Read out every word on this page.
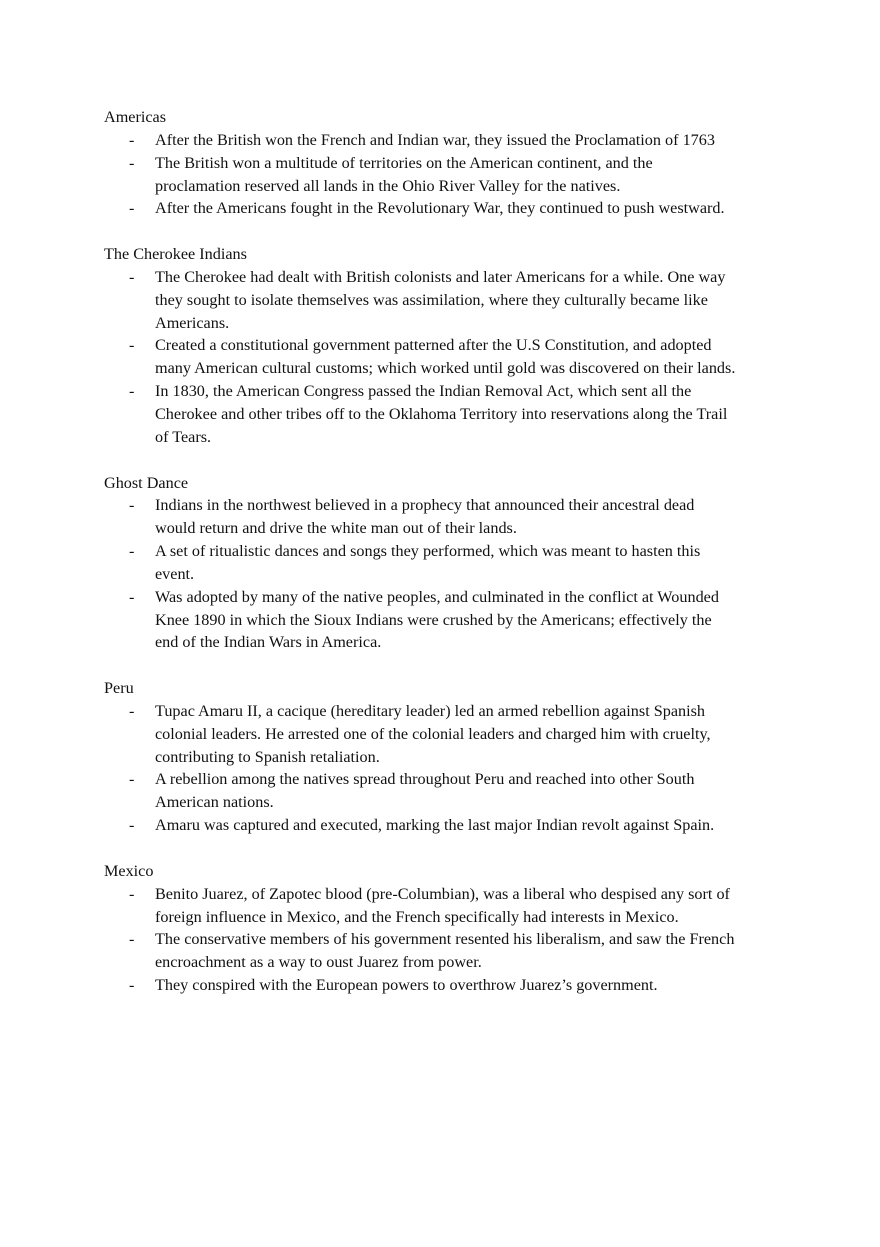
Americas
- After the British won the French and Indian war, they issued the Proclamation of 1763
- The British won a multitude of territories on the American continent, and the
proclamation reserved all lands in the Ohio River Valley for the natives.
- After the Americans fought in the Revolutionary War, they continued to push westward.
The Cherokee Indians
- The Cherokee had dealt with British colonists and later Americans for a while. One way
they sought to isolate themselves was assimilation, where they culturally became like
Americans.
- Created a constitutional government patterned after the U.S Constitution, and adopted
many American cultural customs; which worked until gold was discovered on their lands.
- In 1830, the American Congress passed the Indian Removal Act, which sent all the
Cherokee and other tribes off to the Oklahoma Territory into reservations along the Trail
of Tears.
Ghost Dance
- Indians in the northwest believed in a prophecy that announced their ancestral dead
would return and drive the white man out of their lands.
- A set of ritualistic dances and songs they performed, which was meant to hasten this
event.
- Was adopted by many of the native peoples, and culminated in the conflict at Wounded
Knee 1890 in which the Sioux Indians were crushed by the Americans; effectively the
end of the Indian Wars in America.
Peru
- Tupac Amaru II, a cacique (hereditary leader) led an armed rebellion against Spanish
colonial leaders. He arrested one of the colonial leaders and charged him with cruelty,
contributing to Spanish retaliation.
- A rebellion among the natives spread throughout Peru and reached into other South
American nations.
- Amaru was captured and executed, marking the last major Indian revolt against Spain.
Mexico
- Benito Juarez, of Zapotec blood (pre-Columbian), was a liberal who despised any sort of
foreign influence in Mexico, and the French specifically had interests in Mexico.
- The conservative members of his government resented his liberalism, and saw the French
encroachment as a way to oust Juarez from power.
- They conspired with the European powers to overthrow Juarez’s government.
